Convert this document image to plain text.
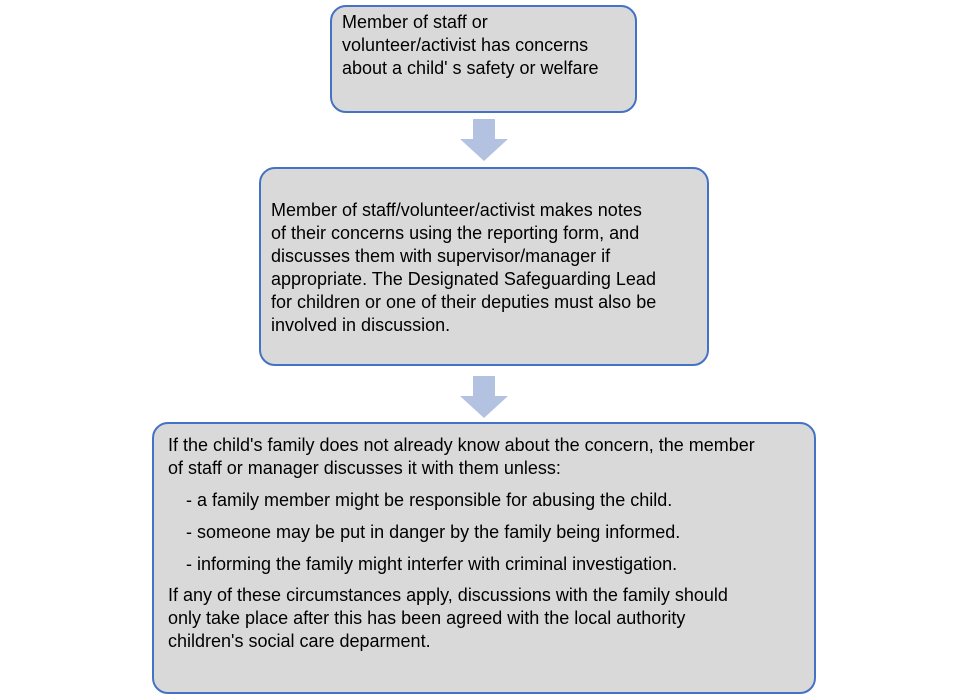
Member of staff or
volunteer/activist has concerns
about a child' s safety or welfare
Member of staff/volunteer/activist makes notes
of their concerns using the reporting form, and
discusses them with supervisor/manager if
appropriate. The Designated Safeguarding Lead
for children or one of their deputies must also be
involved in discussion.
If the child's family does not already know about the concern, the member
of staff or manager discusses it with them unless:
- a family member might be responsible for abusing the child.
- someone may be put in danger by the family being informed.
- informing the family might interfer with criminal investigation.
If any of these circumstances apply, discussions with the family should
only take place after this has been agreed with the local authority
children's social care deparment.
